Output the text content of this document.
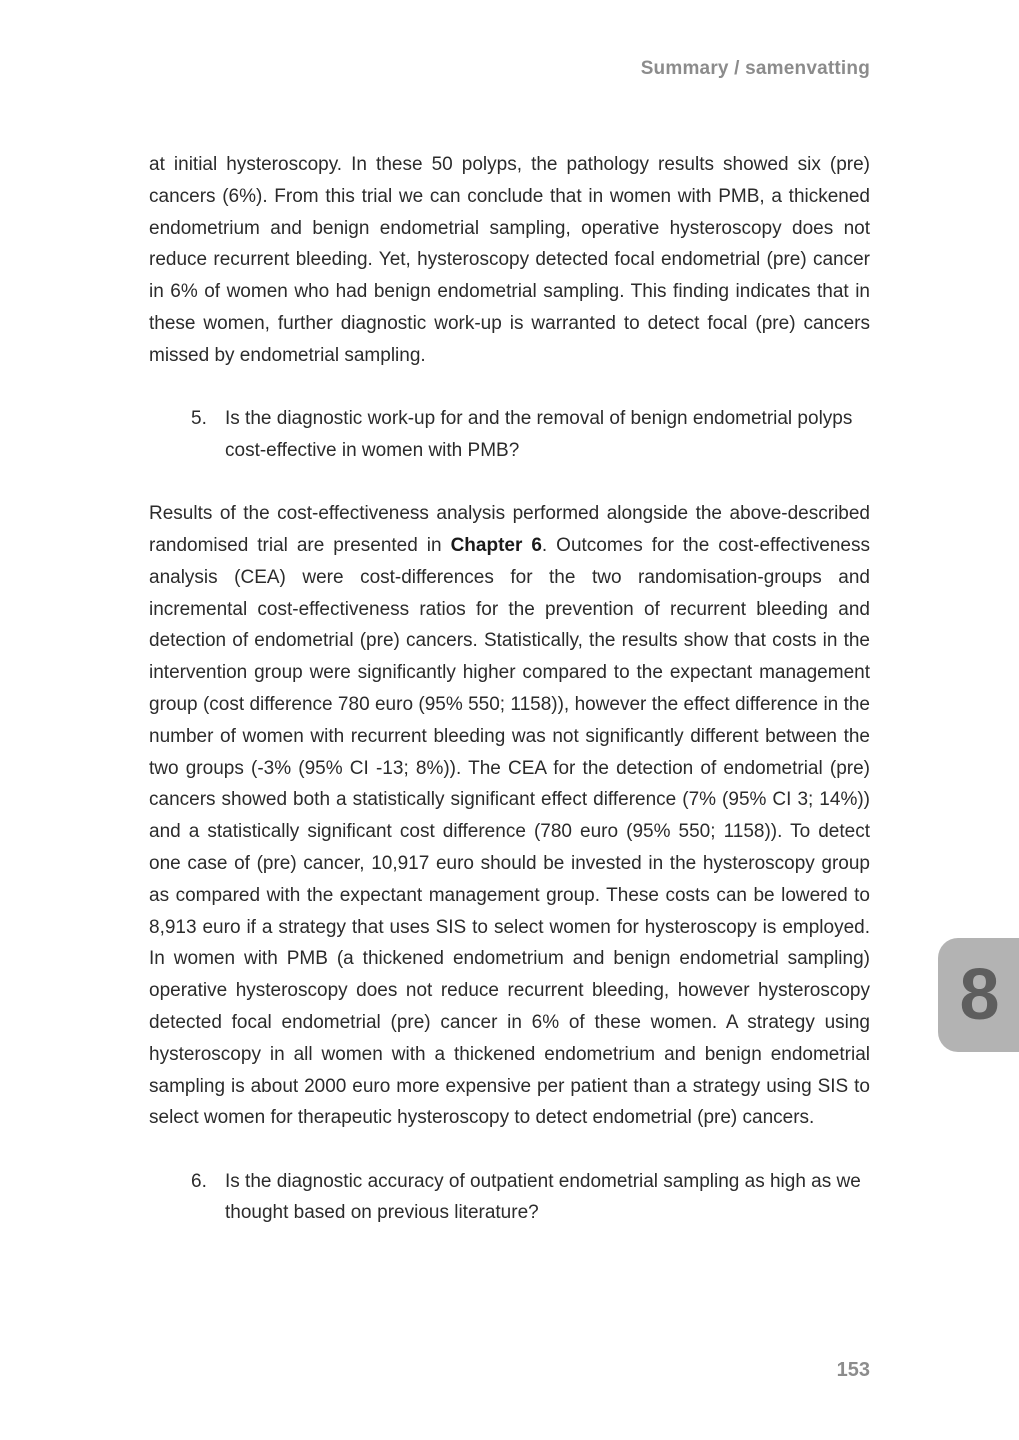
Summary / samenvatting

at initial hysteroscopy. In these 50 polyps, the pathology results showed six (pre) cancers (6%). From this trial we can conclude that in women with PMB, a thickened endometrium and benign endometrial sampling, operative hysteroscopy does not reduce recurrent bleeding. Yet, hysteroscopy detected focal endometrial (pre) cancer in 6% of women who had benign endometrial sampling. This finding indicates that in these women, further diagnostic work-up is warranted to detect focal (pre) cancers missed by endometrial sampling.

5. Is the diagnostic work-up for and the removal of benign endometrial polyps cost-effective in women with PMB?

Results of the cost-effectiveness analysis performed alongside the above-described randomised trial are presented in Chapter 6. Outcomes for the cost-effectiveness analysis (CEA) were cost-differences for the two randomisation-groups and incremental cost-effectiveness ratios for the prevention of recurrent bleeding and detection of endometrial (pre) cancers. Statistically, the results show that costs in the intervention group were significantly higher compared to the expectant management group (cost difference 780 euro (95% 550; 1158)), however the effect difference in the number of women with recurrent bleeding was not significantly different between the two groups (-3% (95% CI -13; 8%)). The CEA for the detection of endometrial (pre) cancers showed both a statistically significant effect difference (7% (95% CI 3; 14%)) and a statistically significant cost difference (780 euro (95% 550; 1158)). To detect one case of (pre) cancer, 10,917 euro should be invested in the hysteroscopy group as compared with the expectant management group. These costs can be lowered to 8,913 euro if a strategy that uses SIS to select women for hysteroscopy is employed. In women with PMB (a thickened endometrium and benign endometrial sampling) operative hysteroscopy does not reduce recurrent bleeding, however hysteroscopy detected focal endometrial (pre) cancer in 6% of these women. A strategy using hysteroscopy in all women with a thickened endometrium and benign endometrial sampling is about 2000 euro more expensive per patient than a strategy using SIS to select women for therapeutic hysteroscopy to detect endometrial (pre) cancers.

6. Is the diagnostic accuracy of outpatient endometrial sampling as high as we thought based on previous literature?
8
153
